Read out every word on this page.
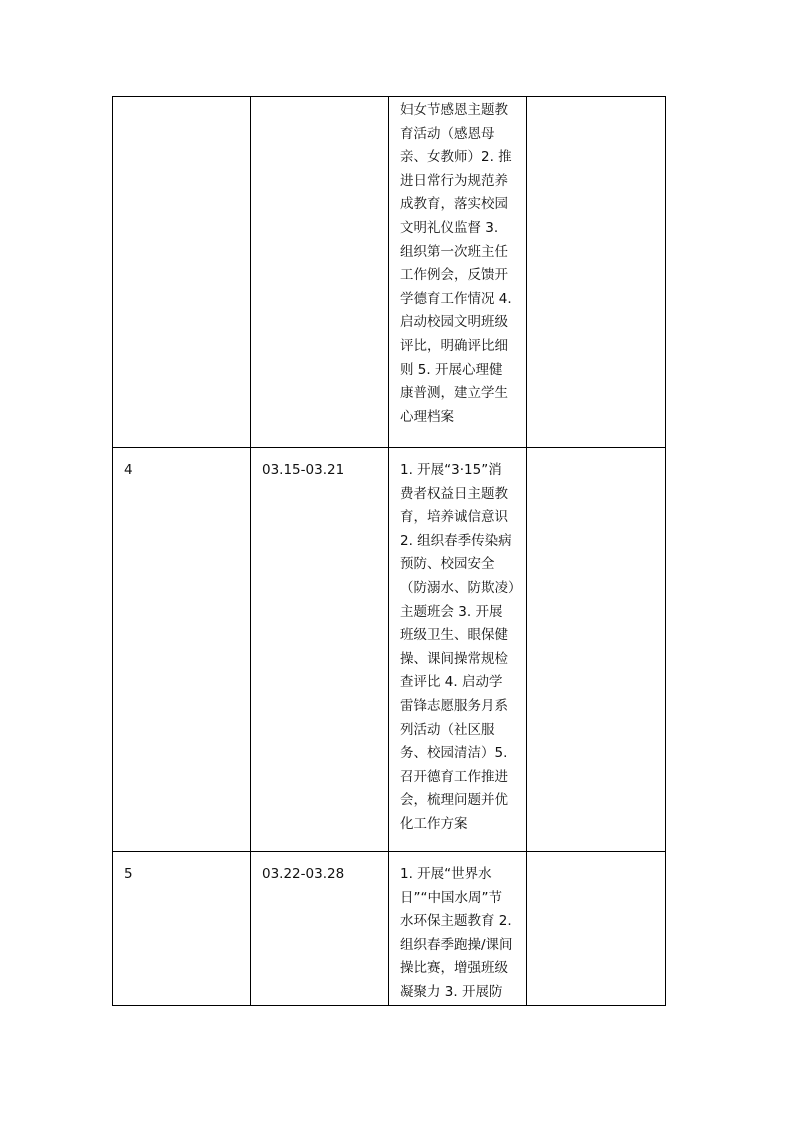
		妇女节感恩主题教育活动（感恩母亲、女教师）2. 推进日常行为规范养成教育，落实校园文明礼仪监督 3. 组织第一次班主任工作例会，反馈开学德育工作情况 4. 启动校园文明班级评比，明确评比细则 5. 开展心理健康普测，建立学生心理档案	
4	03.15-03.21	1. 开展“3·15”消费者权益日主题教育，培养诚信意识 2. 组织春季传染病预防、校园安全（防溺水、防欺凌）主题班会 3. 开展班级卫生、眼保健操、课间操常规检查评比 4. 启动学雷锋志愿服务月系列活动（社区服务、校园清洁）5. 召开德育工作推进会，梳理问题并优化工作方案	
5	03.22-03.28	1. 开展“世界水日”“中国水周”节水环保主题教育 2. 组织春季跑操/课间操比赛，增强班级凝聚力 3. 开展防	
